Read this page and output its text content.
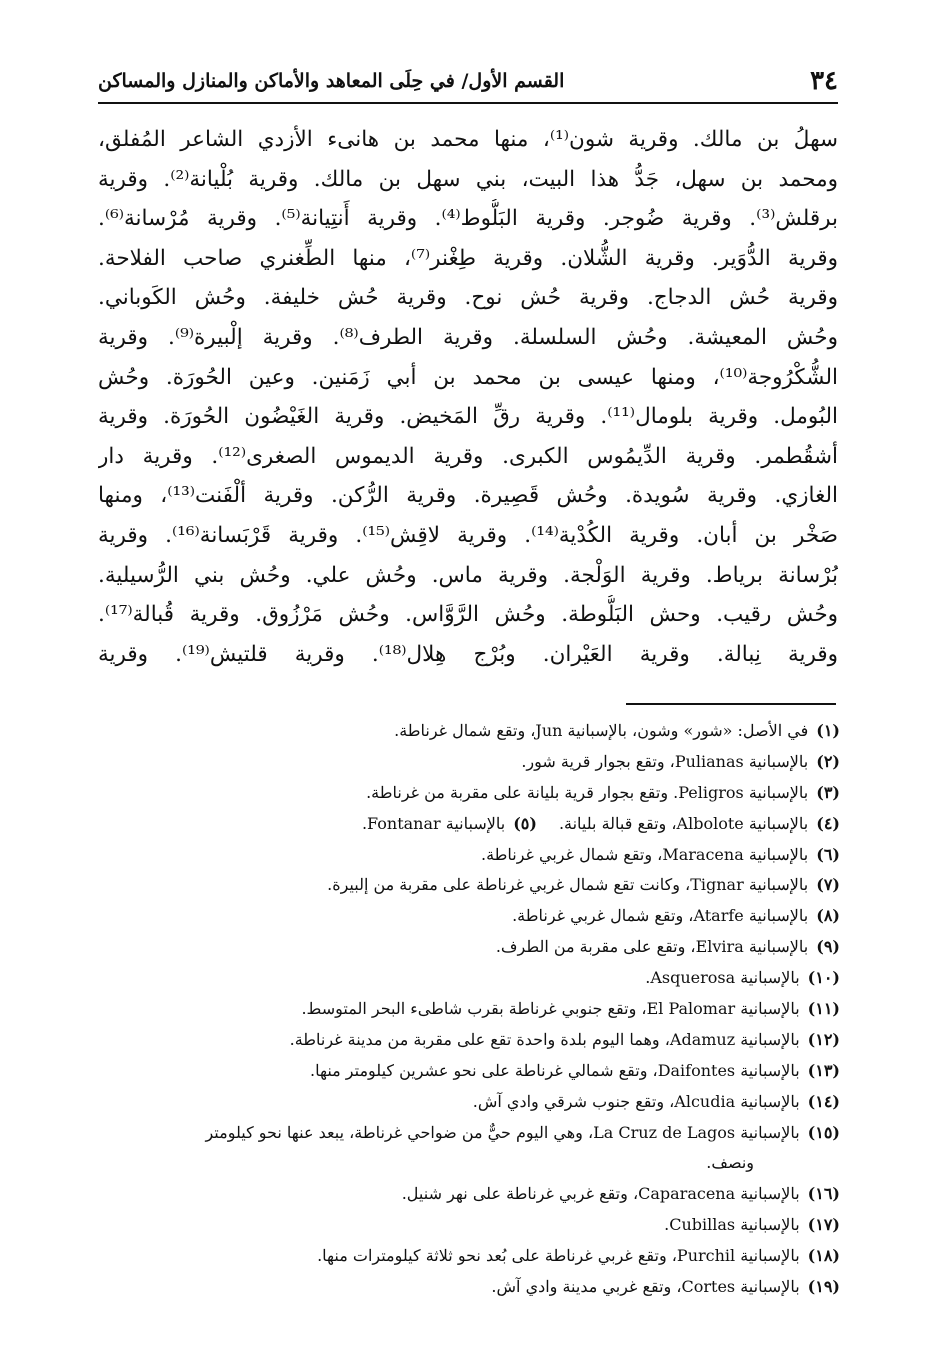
٣٤
القسم الأول/ في حِلَى المعاهد والأماكن والمنازل والمساكن
سهلُ بن مالك. وقرية شون⁽¹⁾، منها محمد بن هانىء الأزدي الشاعر المُفلق،
ومحمد بن سهل، جَدُّ هذا البيت، بني سهل بن مالك. وقرية بُلْيانة⁽²⁾. وقرية
برقلش⁽³⁾. وقرية ضُوجر. وقرية البَلُّوط⁽⁴⁾. وقرية أَنتِيانة⁽⁵⁾. وقرية مُرْسانة⁽⁶⁾.
وقرية الدُّوَير. وقرية الشُّلان. وقرية طِغْنر⁽⁷⁾، منها الطِّغنري صاحب الفلاحة.
وقرية حُش الدجاج. وقرية حُش نوح. وقرية حُش خليفة. وحُش الكَوباني.
وحُش المعيشة. وحُش السلسلة. وقرية الطرف⁽⁸⁾. وقرية إلْبيرة⁽⁹⁾. وقرية
الشُّكْرُوجة⁽¹⁰⁾، ومنها عيسى بن محمد بن أبي زَمَنين. وعين الحُورَة. وحُش
البُومل. وقرية بلومال⁽¹¹⁾. وقرية رقِّ المَخيض. وقرية الغَيْضُون الحُورَة. وقرية
أشقُطمر. وقرية الدِّيمُوس الكبرى. وقرية الديموس الصغرى⁽¹²⁾. وقرية دار
الغازي. وقرية سُويدة. وحُش قَصِيرة. وقرية الرُّكن. وقرية ألْفَنت⁽¹³⁾، ومنها
صَخْر بن أبان. وقرية الكُدْية⁽¹⁴⁾. وقرية لاقِش⁽¹⁵⁾. وقرية قَرْبَسانة⁽¹⁶⁾. وقرية
بُرْسانة برياط. وقرية الوَلْجة. وقرية ماس. وحُش علي. وحُش بني الرُّسيلية.
وحُش رقيب. وحش البَلُّوطة. وحُش الرَّوَّاس. وحُش مَرْزُوق. وقرية قُبالة⁽¹⁷⁾.
وقرية نِبالة. وقرية العَيْران. وبُرْج هِلال⁽¹⁸⁾. وقرية قلتيش⁽¹⁹⁾. وقرية
(١)في الأصل: «شور» وشون، بالإسبانية Jun، وتقع شمال غرناطة.
(٢)بالإسبانية Pulianas، وتقع بجوار قرية شور.
(٣)بالإسبانية Peligros. وتقع بجوار قرية بليانة على مقربة من غرناطة.
(٤)بالإسبانية Albolote، وتقع قبالة بليانة.(٥)بالإسبانية Fontanar.
(٦)بالإسبانية Maracena، وتقع شمال غربي غرناطة.
(٧)بالإسبانية Tignar، وكانت تقع شمال غربي غرناطة على مقربة من إلبيرة.
(٨)بالإسبانية Atarfe، وتقع شمال غربي غرناطة.
(٩)بالإسبانية Elvira، وتقع على مقربة من الطرف.
(١٠)بالإسبانية Asquerosa.
(١١)بالإسبانية El Palomar، وتقع جنوبي غرناطة بقرب شاطىء البحر المتوسط.
(١٢)بالإسبانية Adamuz، وهما اليوم بلدة واحدة تقع على مقربة من مدينة غرناطة.
(١٣)بالإسبانية Daifontes، وتقع شمالي غرناطة على نحو عشرين كيلومتر منها.
(١٤)بالإسبانية Alcudia، وتقع جنوب شرقي وادي آش.
(١٥)بالإسبانية La Cruz de Lagos، وهي اليوم حيٌّ من ضواحي غرناطة، يبعد عنها نحو كيلومتر
ونصف.
(١٦)بالإسبانية Caparacena، وتقع غربي غرناطة على نهر شنيل.
(١٧)بالإسبانية Cubillas.
(١٨)بالإسبانية Purchil، وتقع غربي غرناطة على بُعد نحو ثلاثة كيلومترات منها.
(١٩)بالإسبانية Cortes، وتقع غربي مدينة وادي آش.
